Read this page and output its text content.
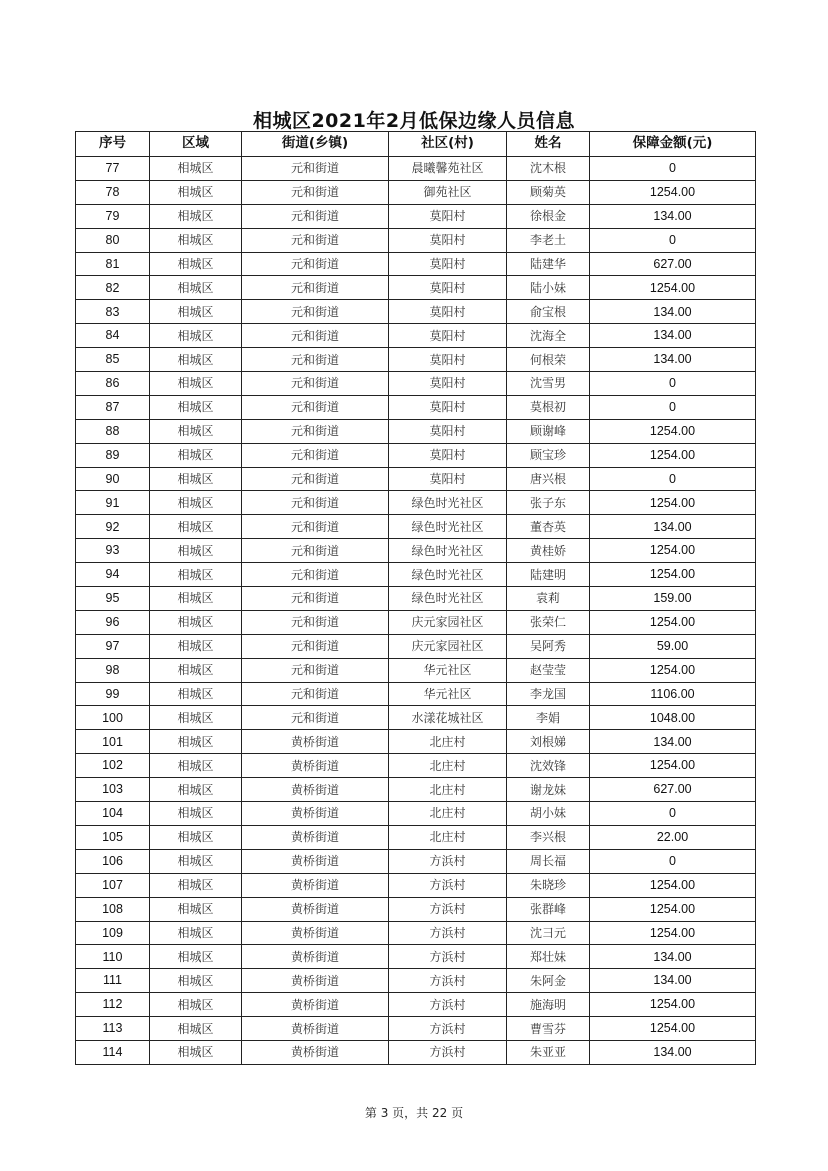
相城区2021年2月低保边缘人员信息
序号	区域	街道(乡镇)	社区(村)	姓名	保障金额(元)
77	相城区	元和街道	晨曦馨苑社区	沈木根	0
78	相城区	元和街道	御苑社区	顾菊英	1254.00
79	相城区	元和街道	莫阳村	徐根金	134.00
80	相城区	元和街道	莫阳村	李老土	0
81	相城区	元和街道	莫阳村	陆建华	627.00
82	相城区	元和街道	莫阳村	陆小妹	1254.00
83	相城区	元和街道	莫阳村	俞宝根	134.00
84	相城区	元和街道	莫阳村	沈海全	134.00
85	相城区	元和街道	莫阳村	何根荣	134.00
86	相城区	元和街道	莫阳村	沈雪男	0
87	相城区	元和街道	莫阳村	莫根初	0
88	相城区	元和街道	莫阳村	顾谢峰	1254.00
89	相城区	元和街道	莫阳村	顾宝珍	1254.00
90	相城区	元和街道	莫阳村	唐兴根	0
91	相城区	元和街道	绿色时光社区	张子东	1254.00
92	相城区	元和街道	绿色时光社区	董杏英	134.00
93	相城区	元和街道	绿色时光社区	黄桂娇	1254.00
94	相城区	元和街道	绿色时光社区	陆建明	1254.00
95	相城区	元和街道	绿色时光社区	袁莉	159.00
96	相城区	元和街道	庆元家园社区	张荣仁	1254.00
97	相城区	元和街道	庆元家园社区	吴阿秀	59.00
98	相城区	元和街道	华元社区	赵莹莹	1254.00
99	相城区	元和街道	华元社区	李龙国	1106.00
100	相城区	元和街道	水漾花城社区	李娟	1048.00
101	相城区	黄桥街道	北庄村	刘根娣	134.00
102	相城区	黄桥街道	北庄村	沈效锋	1254.00
103	相城区	黄桥街道	北庄村	谢龙妹	627.00
104	相城区	黄桥街道	北庄村	胡小妹	0
105	相城区	黄桥街道	北庄村	李兴根	22.00
106	相城区	黄桥街道	方浜村	周长福	0
107	相城区	黄桥街道	方浜村	朱晓珍	1254.00
108	相城区	黄桥街道	方浜村	张群峰	1254.00
109	相城区	黄桥街道	方浜村	沈彐元	1254.00
110	相城区	黄桥街道	方浜村	郑壮妹	134.00
111	相城区	黄桥街道	方浜村	朱阿金	134.00
112	相城区	黄桥街道	方浜村	施海明	1254.00
113	相城区	黄桥街道	方浜村	曹雪芬	1254.00
114	相城区	黄桥街道	方浜村	朱亚亚	134.00
第 3 页，共 22 页
